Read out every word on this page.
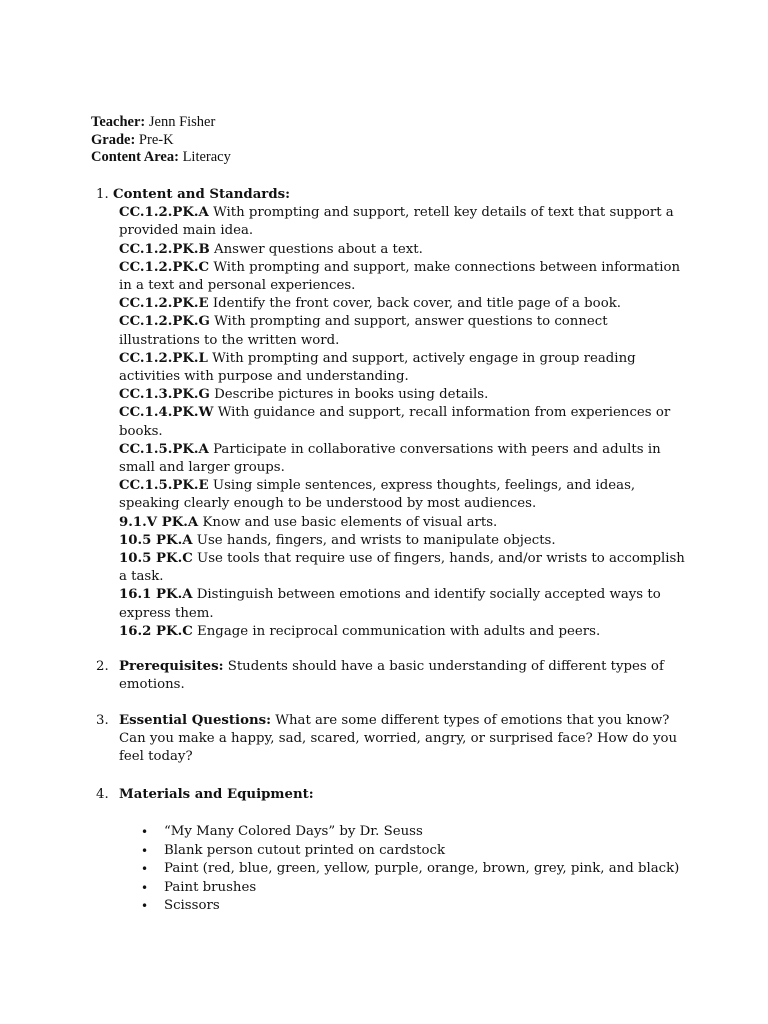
Teacher: Jenn Fisher
Grade: Pre-K
Content Area: Literacy
1. Content and Standards:

CC.1.2.PK.A With prompting and support, retell key details of text that support a provided main idea.

CC.1.2.PK.B Answer questions about a text.

CC.1.2.PK.C With prompting and support, make connections between information in a text and personal experiences.

CC.1.2.PK.E Identify the front cover, back cover, and title page of a book.

CC.1.2.PK.G With prompting and support, answer questions to connect illustrations to the written word.

CC.1.2.PK.L With prompting and support, actively engage in group reading activities with purpose and understanding.

CC.1.3.PK.G Describe pictures in books using details.

CC.1.4.PK.W With guidance and support, recall information from experiences or books.

CC.1.5.PK.A Participate in collaborative conversations with peers and adults in small and larger groups.

CC.1.5.PK.E Using simple sentences, express thoughts, feelings, and ideas, speaking clearly enough to be understood by most audiences.

9.1.V PK.A Know and use basic elements of visual arts.

10.5 PK.A Use hands, fingers, and wrists to manipulate objects.

10.5 PK.C Use tools that require use of fingers, hands, and/or wrists to accomplish a task.

16.1 PK.A Distinguish between emotions and identify socially accepted ways to express them.

16.2 PK.C Engage in reciprocal communication with adults and peers.

2. Prerequisites: Students should have a basic understanding of different types of emotions.
3. Essential Questions: What are some different types of emotions that you know? Can you make a happy, sad, scared, worried, angry, or surprised face? How do you feel today?
4. Materials and Equipment:
• “My Many Colored Days” by Dr. Seuss
• Blank person cutout printed on cardstock
• Paint (red, blue, green, yellow, purple, orange, brown, grey, pink, and black)
• Paint brushes
• Scissors
